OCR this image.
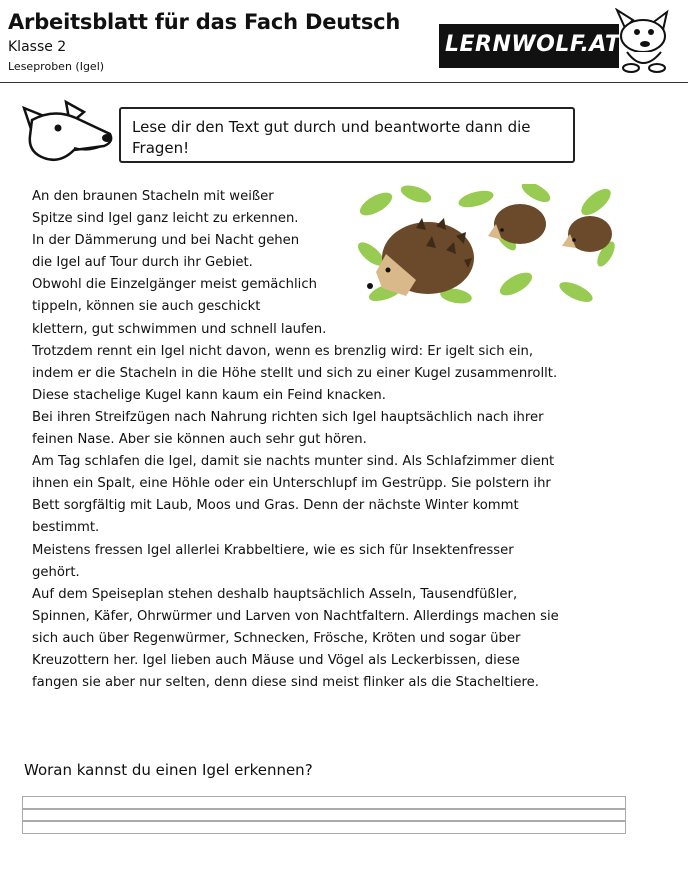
Arbeitsblatt für das Fach Deutsch
Klasse 2
Leseproben (Igel)
LERNWOLF.AT
Lese dir den Text gut durch und beantworte dann die Fragen!

An den braunen Stacheln mit weißer

Spitze sind Igel ganz leicht zu erkennen.

In der Dämmerung und bei Nacht gehen

die Igel auf Tour durch ihr Gebiet.

Obwohl die Einzelgänger meist gemächlich

tippeln, können sie auch geschickt

klettern, gut schwimmen und schnell laufen.

Trotzdem rennt ein Igel nicht davon, wenn es brenzlig wird: Er igelt sich ein,

indem er die Stacheln in die Höhe stellt und sich zu einer Kugel zusammenrollt.

Diese stachelige Kugel kann kaum ein Feind knacken.

Bei ihren Streifzügen nach Nahrung richten sich Igel hauptsächlich nach ihrer

feinen Nase. Aber sie können auch sehr gut hören.

Am Tag schlafen die Igel, damit sie nachts munter sind. Als Schlafzimmer dient

ihnen ein Spalt, eine Höhle oder ein Unterschlupf im Gestrüpp. Sie polstern ihr

Bett sorgfältig mit Laub, Moos und Gras. Denn der nächste Winter kommt

bestimmt.

Meistens fressen Igel allerlei Krabbeltiere, wie es sich für Insektenfresser

gehört.

Auf dem Speiseplan stehen deshalb hauptsächlich Asseln, Tausendfüßler,

Spinnen, Käfer, Ohrwürmer und Larven von Nachtfaltern. Allerdings machen sie

sich auch über Regenwürmer, Schnecken, Frösche, Kröten und sogar über

Kreuzottern her. Igel lieben auch Mäuse und Vögel als Leckerbissen, diese

fangen sie aber nur selten, denn diese sind meist flinker als die Stacheltiere.

Woran kannst du einen Igel erkennen?
